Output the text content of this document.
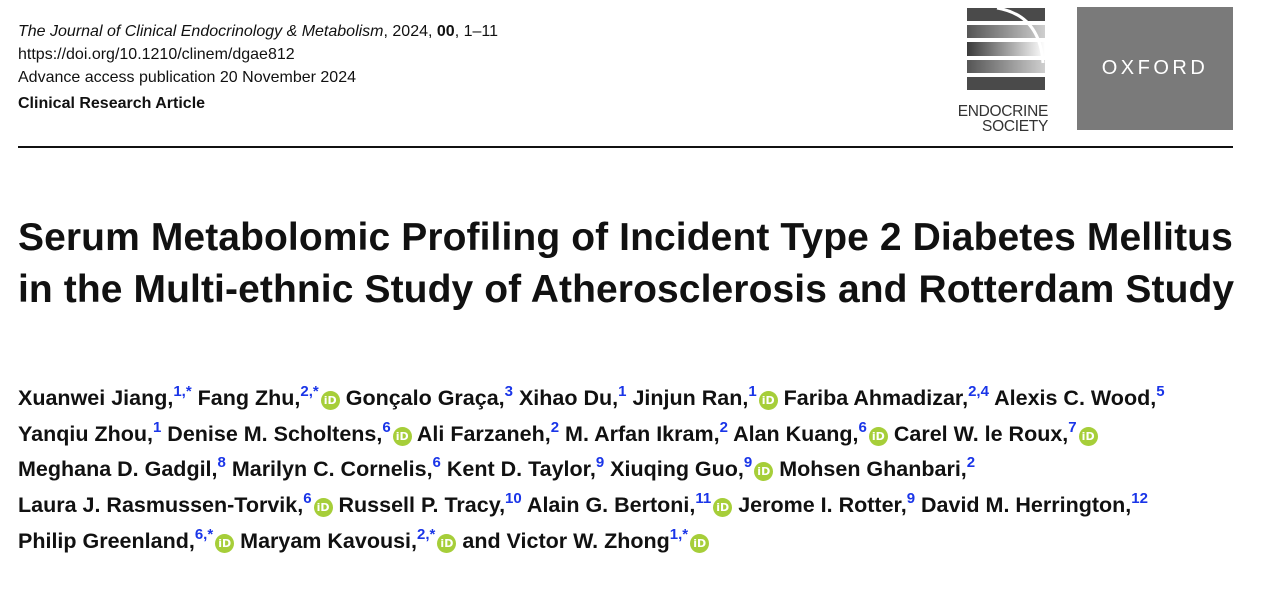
The Journal of Clinical Endocrinology & Metabolism, 2024, 00, 1–11
https://doi.org/10.1210/clinem/dgae812
Advance access publication 20 November 2024
Clinical Research Article	ENDOCRINE
SOCIETY
OXFORD
Serum Metabolomic Profiling of Incident Type 2 Diabetes Mellitus in the Multi-ethnic Study of Atherosclerosis and Rotterdam Study
Xuanwei Jiang,$^{1,*}$ Fang Zhu,$^{2,*}$iD Gonçalo Graça,$^3$ Xihao Du,$^1$ Jinjun Ran,$^1$iD Fariba Ahmadizar,$^{2,4}$ Alexis C. Wood,$^5$ Yanqiu Zhou,$^1$ Denise M. Scholtens,$^6$iD Ali Farzaneh,$^2$ M. Arfan Ikram,$^2$ Alan Kuang,$^6$iD Carel W. le Roux,$^7$iD Meghana D. Gadgil,$^8$ Marilyn C. Cornelis,$^6$ Kent D. Taylor,$^9$ Xiuqing Guo,$^9$iD Mohsen Ghanbari,$^2$ Laura J. Rasmussen-Torvik,$^6$iD Russell P. Tracy,$^{10}$ Alain G. Bertoni,$^{11}$iD Jerome I. Rotter,$^9$ David M. Herrington,$^{12}$ Philip Greenland,$^{6,*}$iD Maryam Kavousi,$^{2,*}$iD and Victor W. Zhong$^{1,*}$iD
